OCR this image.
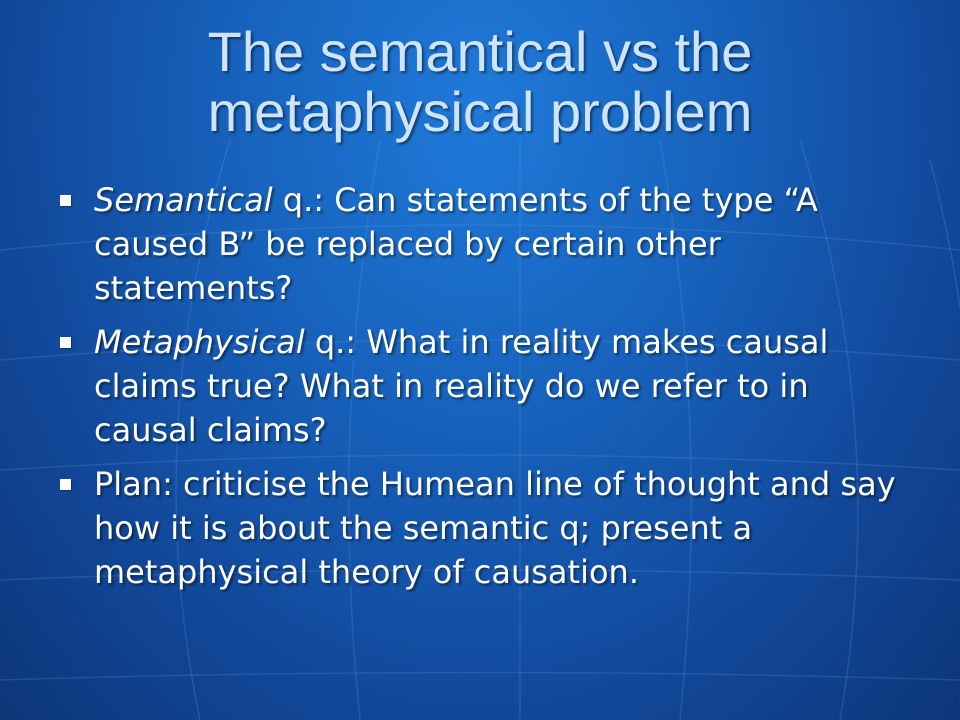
The semantical vs the
metaphysical problem
Semantical q.: Can statements of the type “A caused B” be replaced by certain other statements?
Metaphysical q.: What in reality makes causal claims true? What in reality do we refer to in causal claims?
Plan: criticise the Humean line of thought and say how it is about the semantic q; present a metaphysical theory of causation.
